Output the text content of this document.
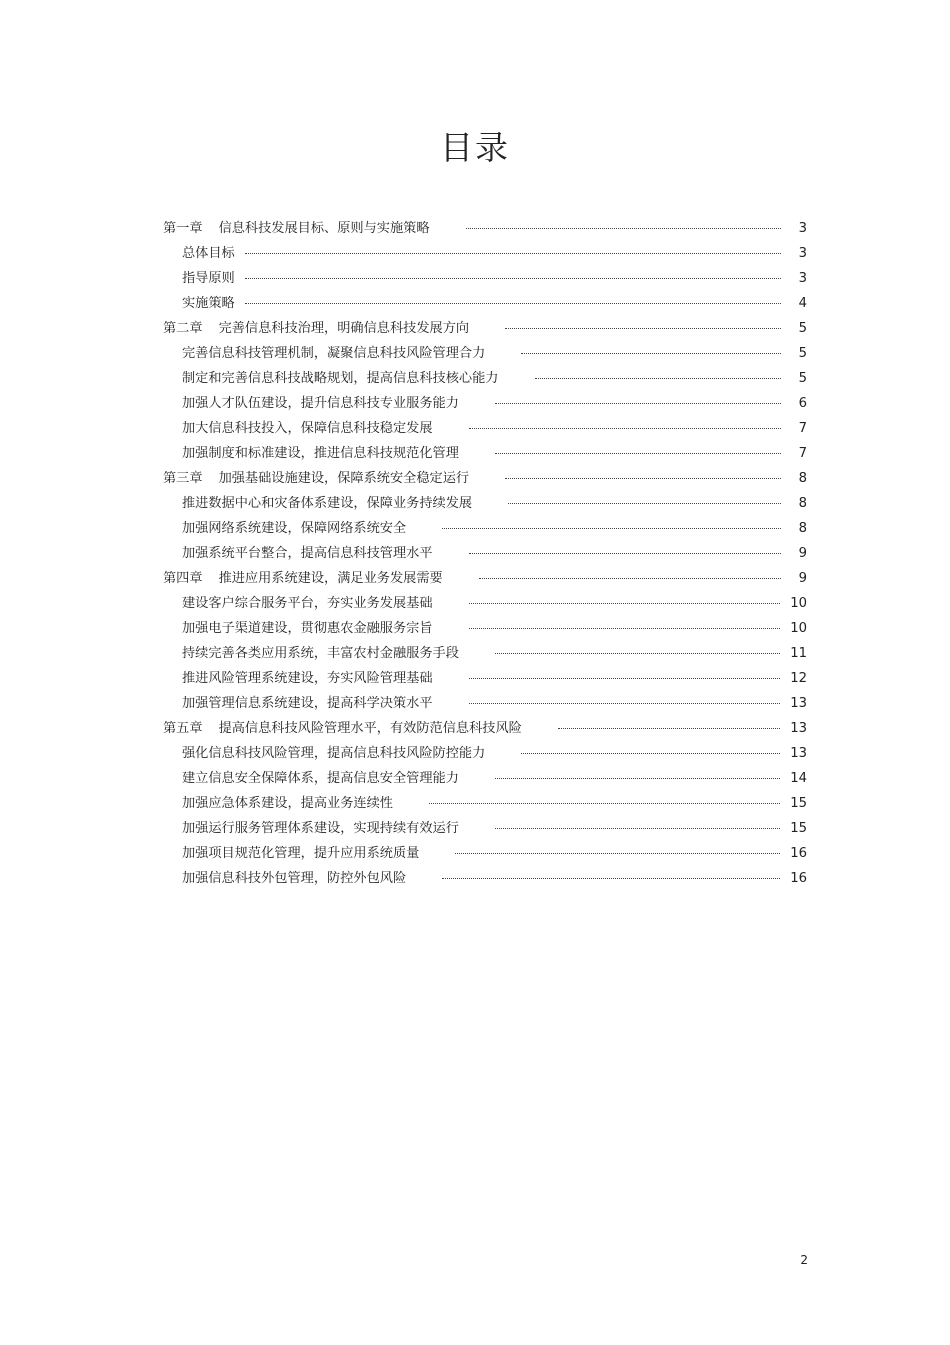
目录
第一章 信息科技发展目标、原则与实施策略	3
总体目标	3
指导原则	3
实施策略	4
第二章 完善信息科技治理，明确信息科技发展方向	5
完善信息科技管理机制，凝聚信息科技风险管理合力	5
制定和完善信息科技战略规划，提高信息科技核心能力	5
加强人才队伍建设，提升信息科技专业服务能力	6
加大信息科技投入，保障信息科技稳定发展	7
加强制度和标准建设，推进信息科技规范化管理	7
第三章 加强基础设施建设，保障系统安全稳定运行	8
推进数据中心和灾备体系建设，保障业务持续发展	8
加强网络系统建设，保障网络系统安全	8
加强系统平台整合，提高信息科技管理水平	9
第四章 推进应用系统建设，满足业务发展需要	9
建设客户综合服务平台，夯实业务发展基础	10
加强电子渠道建设，贯彻惠农金融服务宗旨	10
持续完善各类应用系统，丰富农村金融服务手段	11
推进风险管理系统建设，夯实风险管理基础	12
加强管理信息系统建设，提高科学决策水平	13
第五章 提高信息科技风险管理水平，有效防范信息科技风险	13
强化信息科技风险管理，提高信息科技风险防控能力	13
建立信息安全保障体系，提高信息安全管理能力	14
加强应急体系建设，提高业务连续性	15
加强运行服务管理体系建设，实现持续有效运行	15
加强项目规范化管理，提升应用系统质量	16
加强信息科技外包管理，防控外包风险	16
2
